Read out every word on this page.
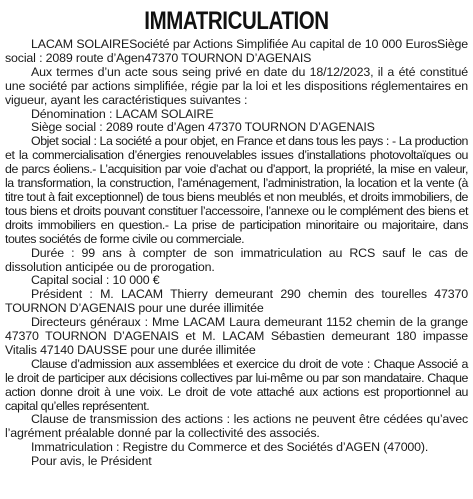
IMMATRICULATION

LACAM SOLAIRESociété par Actions Simplifiée Au capital de 10 000 EurosSiège social : 2089 route d’Agen47370 TOURNON D’AGENAIS

Aux termes d’un acte sous seing privé en date du 18/12/2023, il a été constitué une société par actions simplifiée, régie par la loi et les dispositions réglementaires en vigueur, ayant les caractéristiques suivantes :

Dénomination : LACAM SOLAIRE

Siège social : 2089 route d’Agen 47370 TOURNON D’AGENAIS

Objet social : La société a pour objet, en France et dans tous les pays : - La production et la commercialisation d’énergies renouvelables issues d’installations photovoltaïques ou de parcs éoliens.- L’acquisition par voie d’achat ou d’apport, la propriété, la mise en valeur, la transformation, la construction, l’aménagement, l’administration, la location et la vente (à titre tout à fait exceptionnel) de tous biens meublés et non meublés, et droits immobiliers, de tous biens et droits pouvant constituer l’accessoire, l’annexe ou le complément des biens et droits immobiliers en question.- La prise de participation minoritaire ou majoritaire, dans toutes sociétés de forme civile ou commerciale.

Durée : 99 ans à compter de son immatriculation au RCS sauf le cas de dissolution anticipée ou de prorogation.

Capital social : 10 000 €

Président : M. LACAM Thierry demeurant 290 chemin des tourelles 47370 TOURNON D’AGENAIS pour une durée illimitée

Directeurs généraux : Mme LACAM Laura demeurant 1152 chemin de la grange 47370 TOURNON D’AGENAIS et M. LACAM Sébastien demeurant 180 impasse Vitalis 47140 DAUSSE pour une durée illimitée

Clause d’admission aux assemblées et exercice du droit de vote : Chaque Associé a le droit de participer aux décisions collectives par lui-même ou par son mandataire. Chaque action donne droit à une voix. Le droit de vote attaché aux actions est proportionnel au capital qu’elles représentent.

Clause de transmission des actions : les actions ne peuvent être cédées qu’avec l’agrément préalable donné par la collectivité des associés.

Immatriculation : Registre du Commerce et des Sociétés d’AGEN (47000).

Pour avis, le Président
